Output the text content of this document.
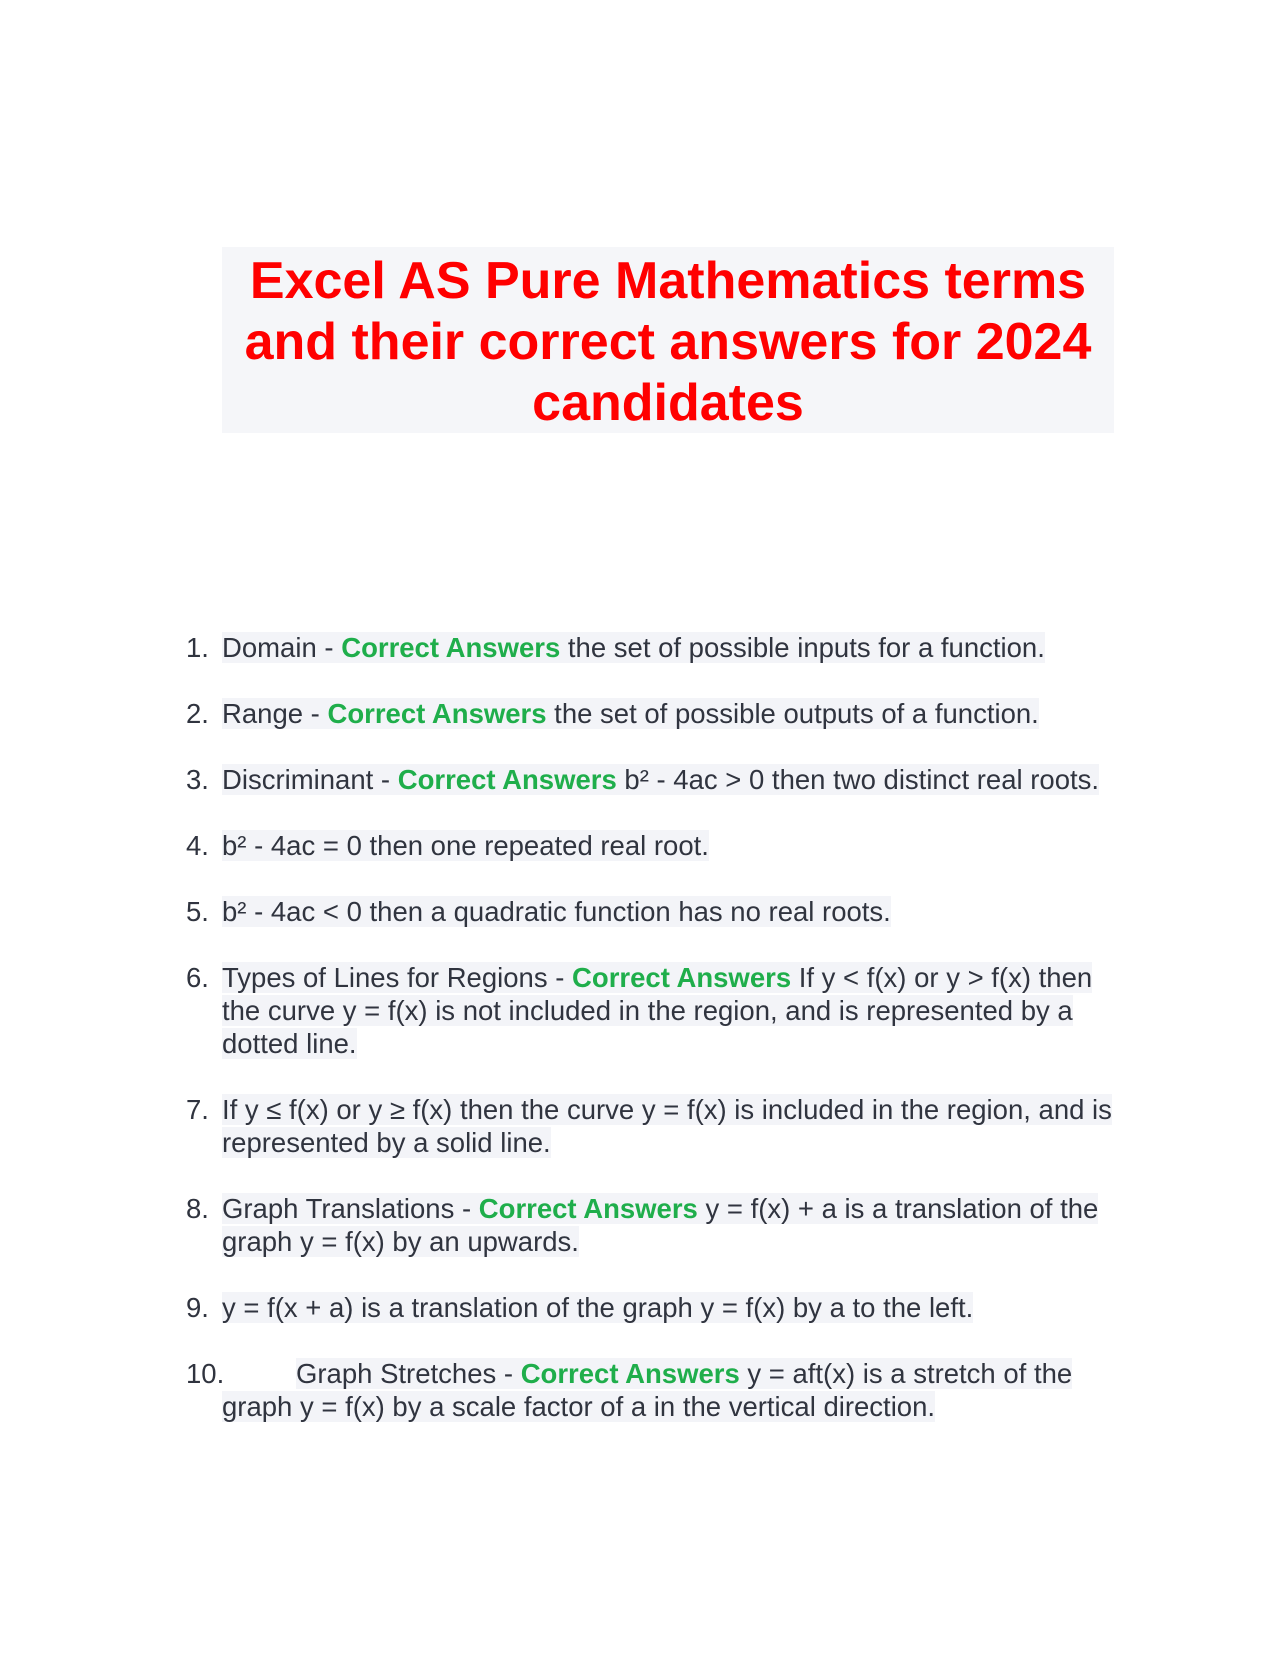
Excel AS Pure Mathematics terms and their correct answers for 2024 candidates
1. Domain - Correct Answers the set of possible inputs for a function.
2. Range - Correct Answers the set of possible outputs of a function.
3. Discriminant - Correct Answers b² - 4ac > 0 then two distinct real roots.
4. b² - 4ac = 0 then one repeated real root.
5. b² - 4ac < 0 then a quadratic function has no real roots.
6. Types of Lines for Regions - Correct Answers If y < f(x) or y > f(x) then the curve y = f(x) is not included in the region, and is represented by a dotted line.
7. If y ≤ f(x) or y ≥ f(x) then the curve y = f(x) is included in the region, and is represented by a solid line.
8. Graph Translations - Correct Answers y = f(x) + a is a translation of the graph y = f(x) by an upwards.
9. y = f(x + a) is a translation of the graph y = f(x) by a to the left.
10.	Graph Stretches - Correct Answers y = aft(x) is a stretch of the graph y = f(x) by a scale factor of a in the vertical direction.
